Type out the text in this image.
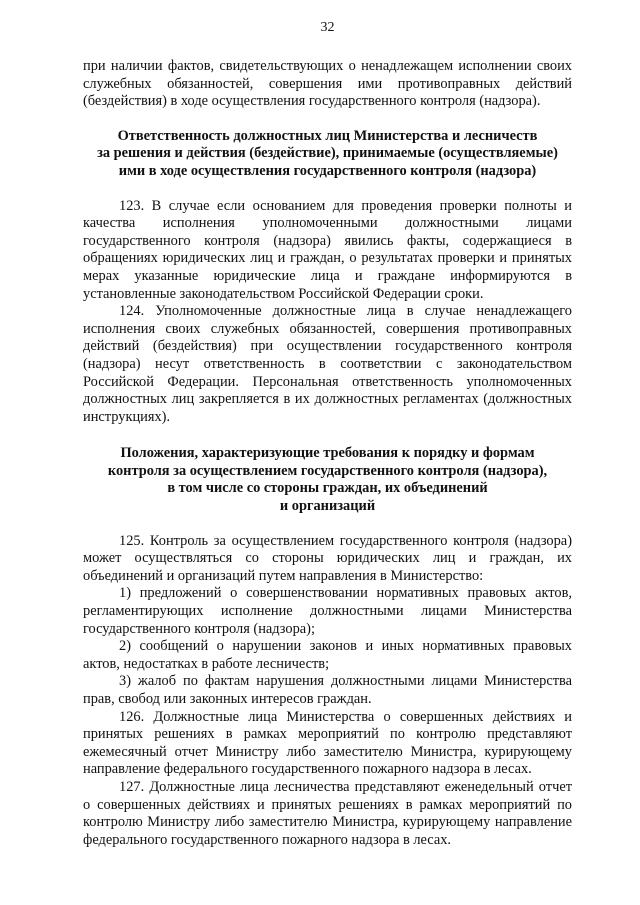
32

при наличии фактов, свидетельствующих о ненадлежащем исполнении своих служебных обязанностей, совершения ими противоправных действий (бездействия) в ходе осуществления государственного контроля (надзора).

Ответственность должностных лиц Министерства и лесничеств
за решения и действия (бездействие), принимаемые (осуществляемые)
ими в ходе осуществления государственного контроля (надзора)

123. В случае если основанием для проведения проверки полноты и качества исполнения уполномоченными должностными лицами государственного контроля (надзора) явились факты, содержащиеся в обращениях юридических лиц и граждан, о результатах проверки и принятых мерах указанные юридические лица и граждане информируются в установленные законодательством Российской Федерации сроки.

124. Уполномоченные должностные лица в случае ненадлежащего исполнения своих служебных обязанностей, совершения противоправных действий (бездействия) при осуществлении государственного контроля (надзора) несут ответственность в соответствии с законодательством Российской Федерации. Персональная ответственность уполномоченных должностных лиц закрепляется в их должностных регламентах (должностных инструкциях).

Положения, характеризующие требования к порядку и формам
контроля за осуществлением государственного контроля (надзора),
в том числе со стороны граждан, их объединений
и организаций

125. Контроль за осуществлением государственного контроля (надзора) может осуществляться со стороны юридических лиц и граждан, их объединений и организаций путем направления в Министерство:

1) предложений о совершенствовании нормативных правовых актов, регламентирующих исполнение должностными лицами Министерства государственного контроля (надзора);

2) сообщений о нарушении законов и иных нормативных правовых актов, недостатках в работе лесничеств;

3) жалоб по фактам нарушения должностными лицами Министерства прав, свобод или законных интересов граждан.

126. Должностные лица Министерства о совершенных действиях и принятых решениях в рамках мероприятий по контролю представляют ежемесячный отчет Министру либо заместителю Министра, курирующему направление федерального государственного пожарного надзора в лесах.

127. Должностные лица лесничества представляют еженедельный отчет о совершенных действиях и принятых решениях в рамках мероприятий по контролю Министру либо заместителю Министра, курирующему направление федерального государственного пожарного надзора в лесах.
